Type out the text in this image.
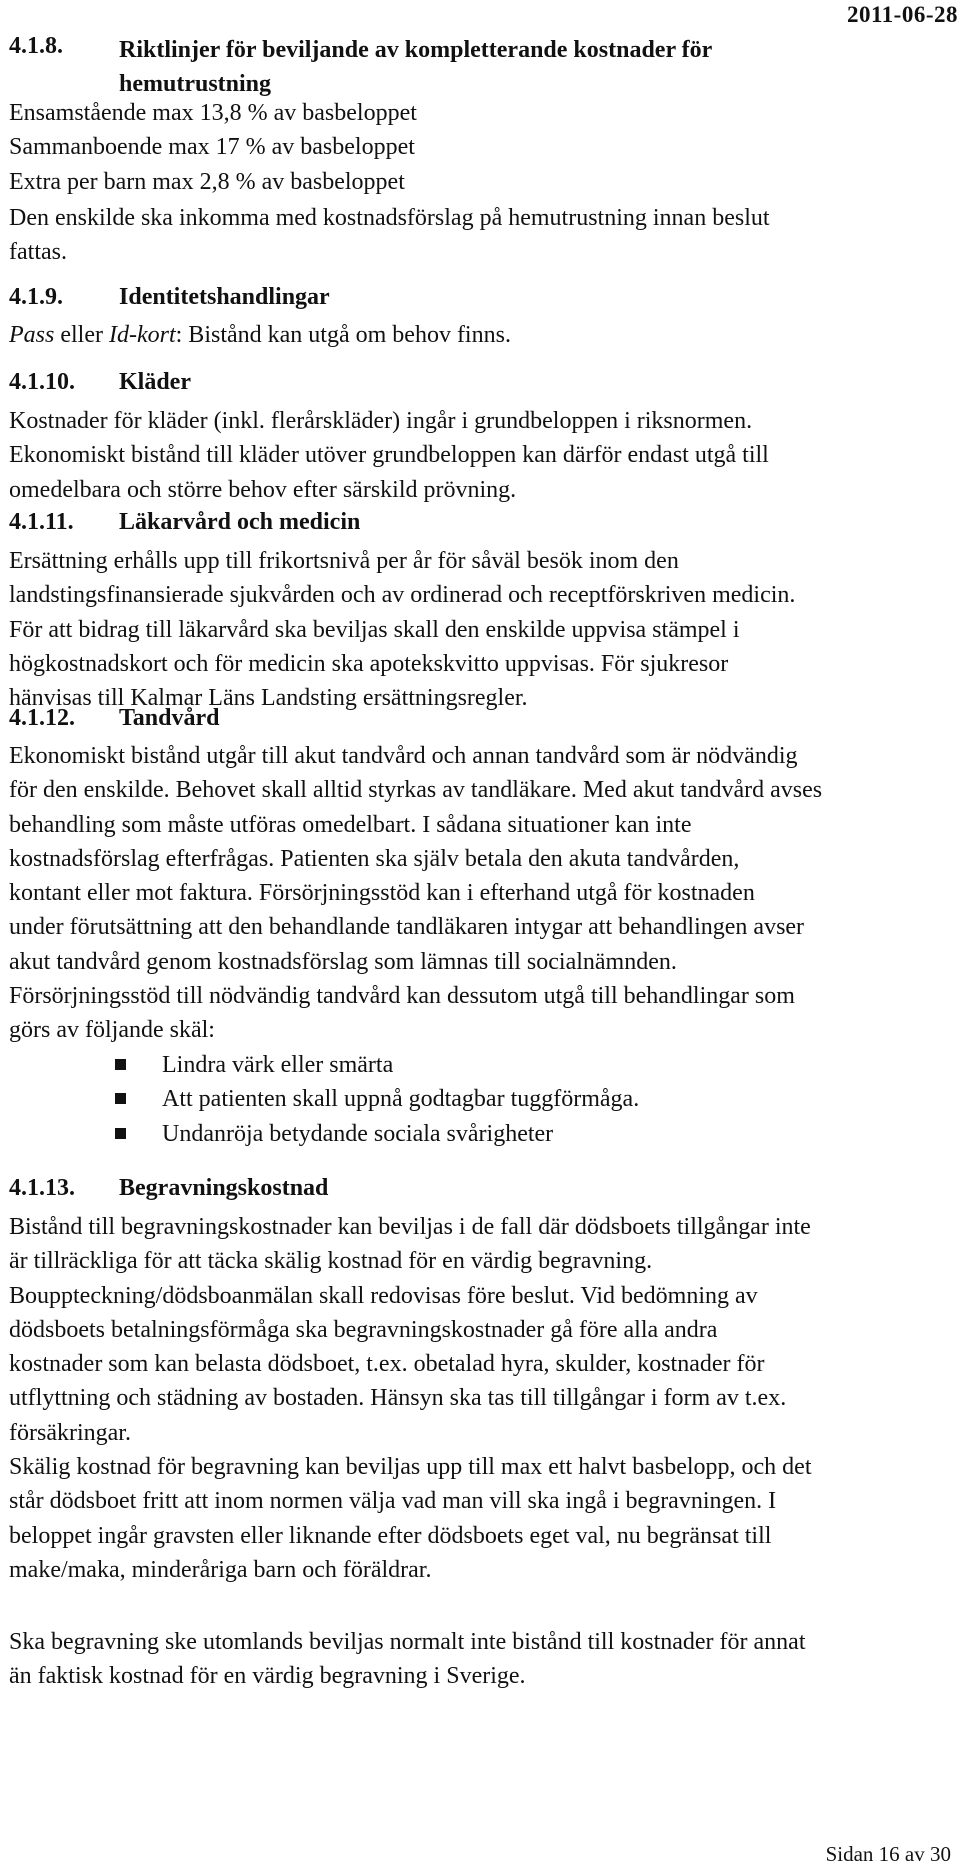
2011-06-28
4.1.8. Riktlinjer för beviljande av kompletterande kostnader för hemutrustning
Ensamstående max 13,8 % av basbeloppet
Sammanboende max 17 % av basbeloppet
Extra per barn max 2,8 % av basbeloppet
Den enskilde ska inkomma med kostnadsförslag på hemutrustning innan beslut
fattas.
4.1.9. Identitetshandlingar
Pass eller Id-kort: Bistånd kan utgå om behov finns.
4.1.10. Kläder
Kostnader för kläder (inkl. flerårskläder) ingår i grundbeloppen i riksnormen.
Ekonomiskt bistånd till kläder utöver grundbeloppen kan därför endast utgå till
omedelbara och större behov efter särskild prövning.
4.1.11. Läkarvård och medicin
Ersättning erhålls upp till frikortsnivå per år för såväl besök inom den
landstingsfinansierade sjukvården och av ordinerad och receptförskriven medicin.
För att bidrag till läkarvård ska beviljas skall den enskilde uppvisa stämpel i
högkostnadskort och för medicin ska apotekskvitto uppvisas. För sjukresor
hänvisas till Kalmar Läns Landsting ersättningsregler.
4.1.12. Tandvård
Ekonomiskt bistånd utgår till akut tandvård och annan tandvård som är nödvändig
för den enskilde. Behovet skall alltid styrkas av tandläkare. Med akut tandvård avses
behandling som måste utföras omedelbart. I sådana situationer kan inte
kostnadsförslag efterfrågas. Patienten ska själv betala den akuta tandvården,
kontant eller mot faktura. Försörjningsstöd kan i efterhand utgå för kostnaden
under förutsättning att den behandlande tandläkaren intygar att behandlingen avser
akut tandvård genom kostnadsförslag som lämnas till socialnämnden.
Försörjningsstöd till nödvändig tandvård kan dessutom utgå till behandlingar som
görs av följande skäl:
Lindra värk eller smärta
Att patienten skall uppnå godtagbar tuggförmåga.
Undanröja betydande sociala svårigheter
4.1.13. Begravningskostnad
Bistånd till begravningskostnader kan beviljas i de fall där dödsboets tillgångar inte
är tillräckliga för att täcka skälig kostnad för en värdig begravning.
Bouppteckning/dödsboanmälan skall redovisas före beslut. Vid bedömning av
dödsboets betalningsförmåga ska begravningskostnader gå före alla andra
kostnader som kan belasta dödsboet, t.ex. obetalad hyra, skulder, kostnader för
utflyttning och städning av bostaden. Hänsyn ska tas till tillgångar i form av t.ex.
försäkringar.
Skälig kostnad för begravning kan beviljas upp till max ett halvt basbelopp, och det
står dödsboet fritt att inom normen välja vad man vill ska ingå i begravningen. I
beloppet ingår gravsten eller liknande efter dödsboets eget val, nu begränsat till
make/maka, minderåriga barn och föräldrar.
Ska begravning ske utomlands beviljas normalt inte bistånd till kostnader för annat
än faktisk kostnad för en värdig begravning i Sverige.
Sidan 16 av 30
